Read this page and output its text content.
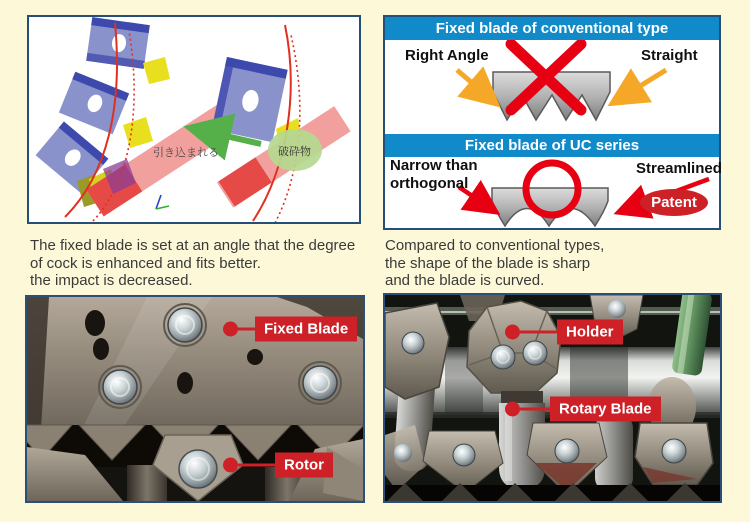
引き込まれる	破砕物
Fixed blade of conventional type
Right Angle	Straight
Fixed blade of UC series
Narrow than
orthogonal
Streamlined
Patent
The fixed blade is set at an angle that the degree
of cock is enhanced and fits better.
the impact is decreased.
Compared to conventional types,
the shape of the blade is sharp
and the blade is curved.
Fixed Blade
Rotor
Holder
Rotary Blade
